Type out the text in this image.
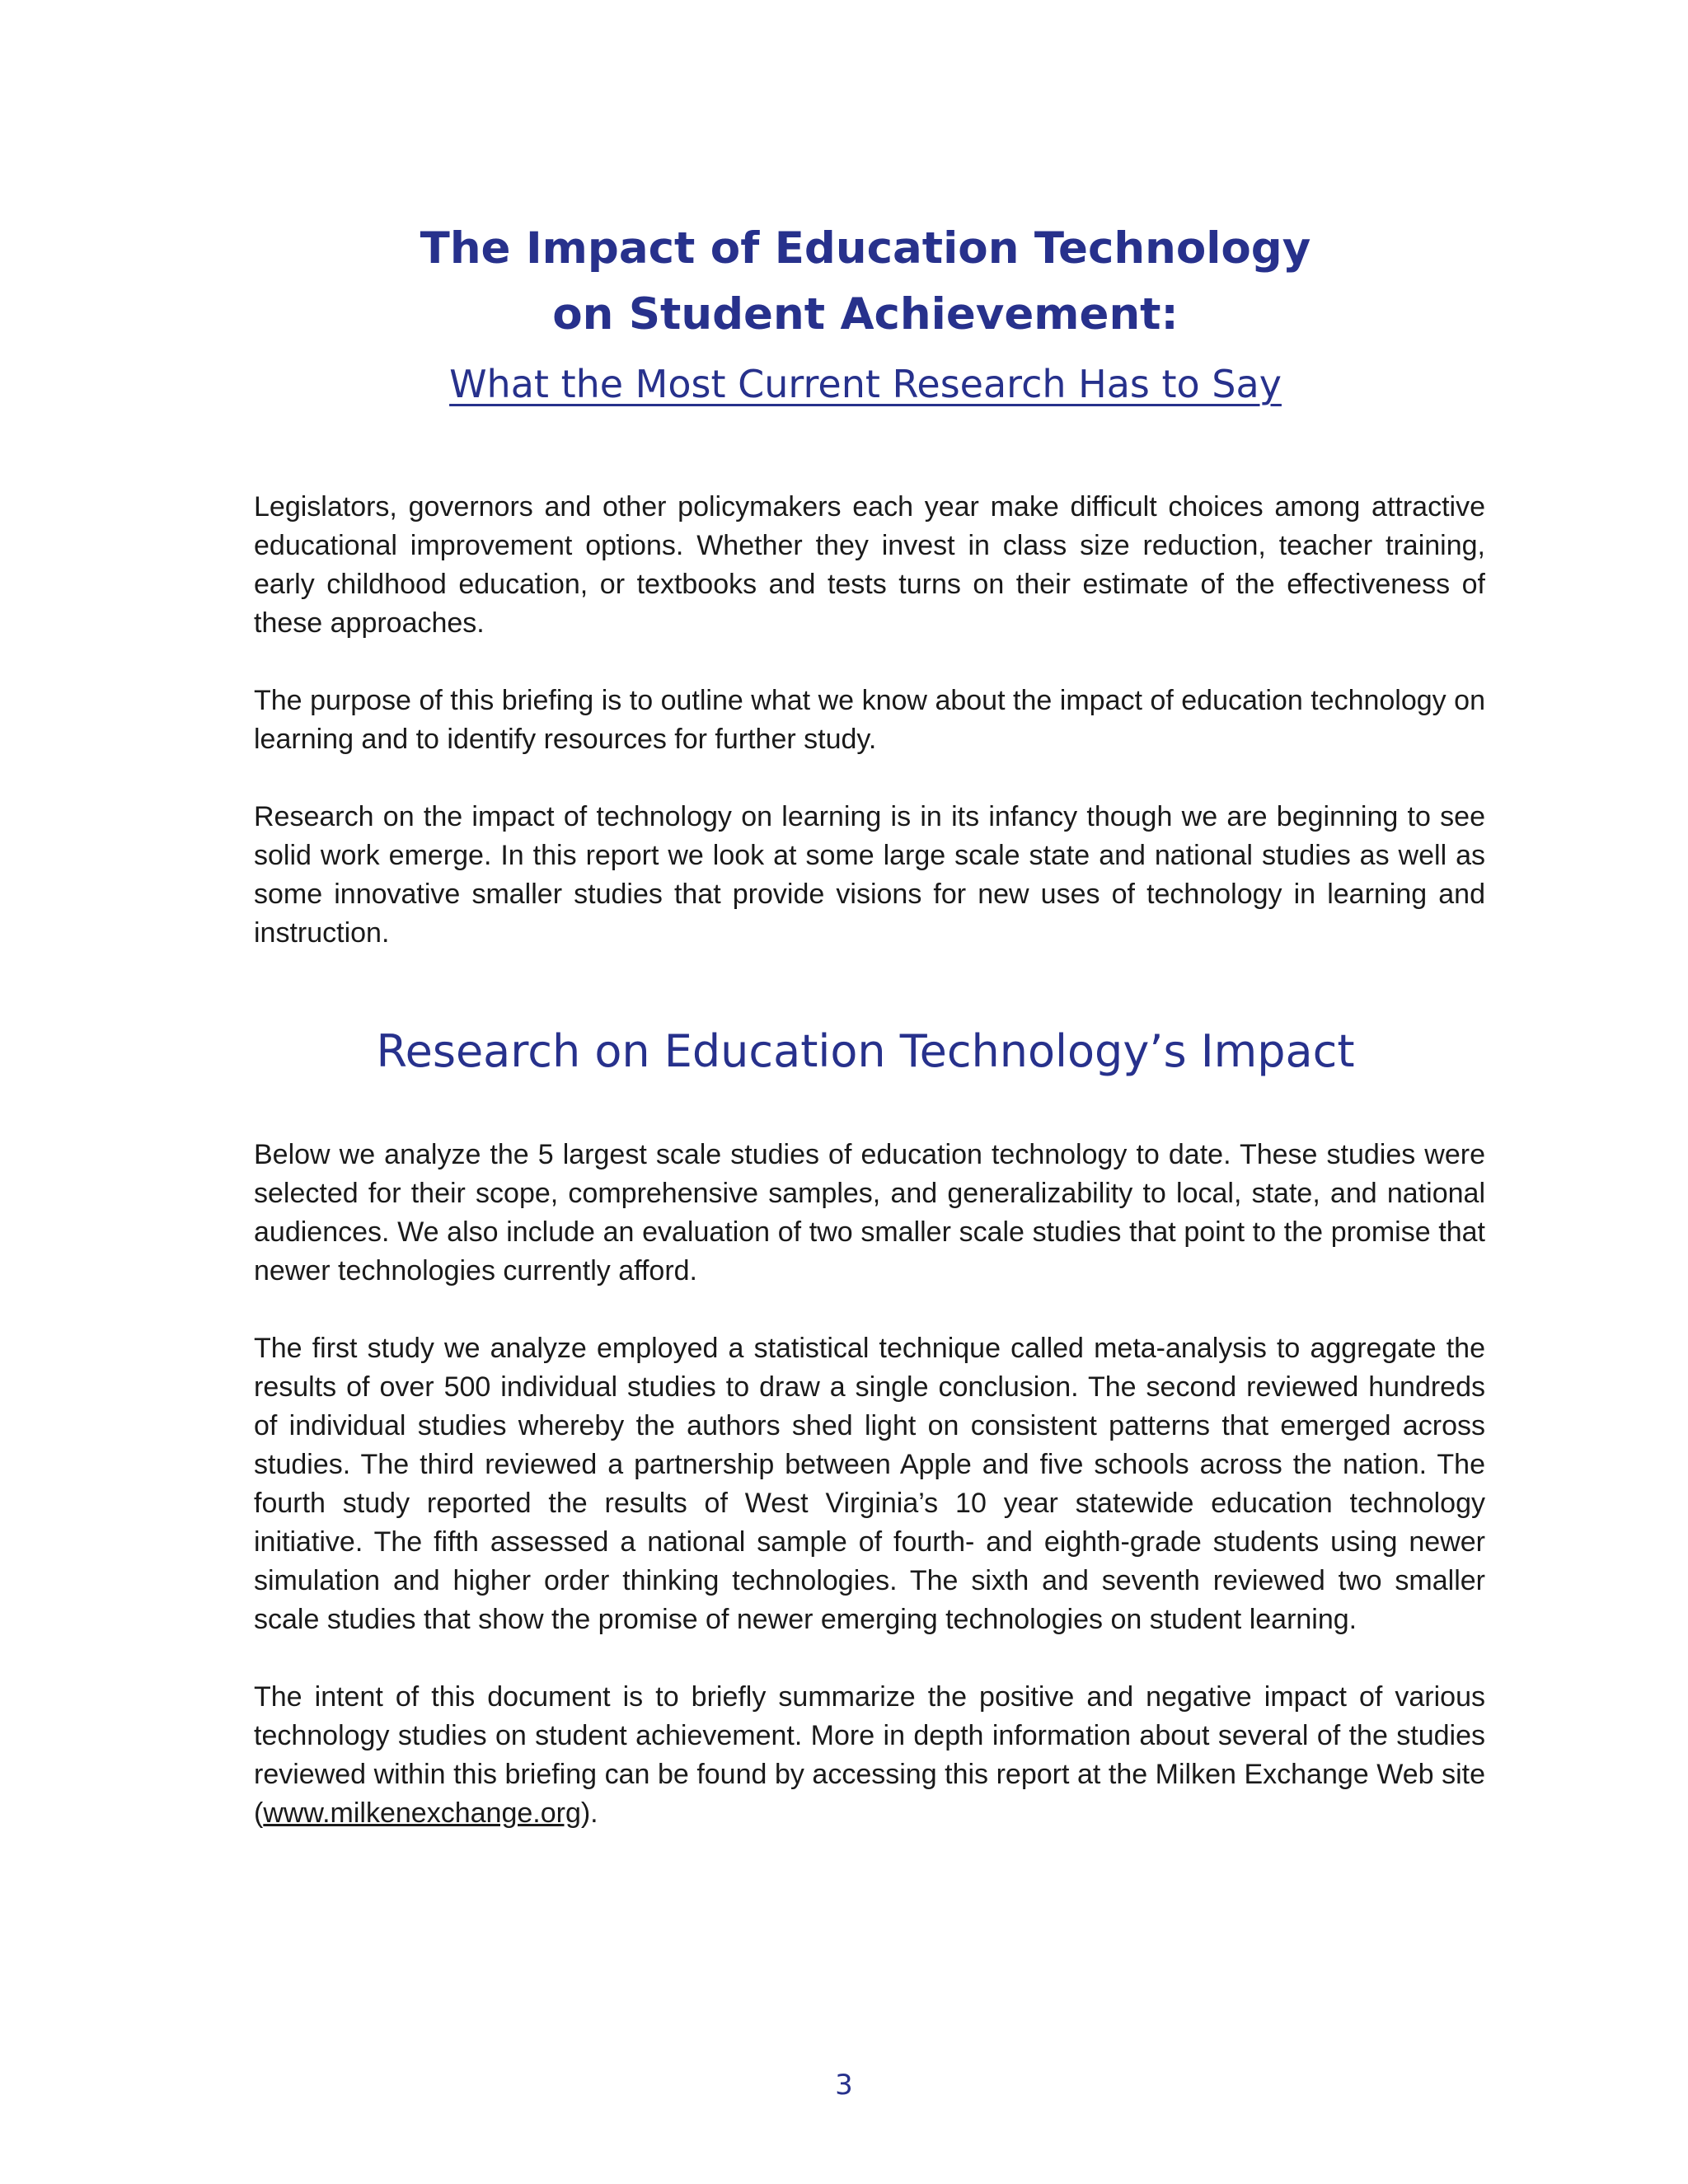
The Impact of Education Technology
on Student Achievement:
What the Most Current Research Has to Say

Legislators, governors and other policymakers each year make difficult choices among attractive educational improvement options. Whether they invest in class size reduction, teacher training, early childhood education, or textbooks and tests turns on their estimate of the effectiveness of these approaches.

The purpose of this briefing is to outline what we know about the impact of education technology on learning and to identify resources for further study.

Research on the impact of technology on learning is in its infancy though we are beginning to see solid work emerge. In this report we look at some large scale state and national studies as well as some innovative smaller studies that provide visions for new uses of technology in learning and instruction.

Research on Education Technology’s Impact

Below we analyze the 5 largest scale studies of education technology to date. These studies were selected for their scope, comprehensive samples, and generalizability to local, state, and national audiences. We also include an evaluation of two smaller scale studies that point to the promise that newer technologies currently afford.

The first study we analyze employed a statistical technique called meta-analysis to aggregate the results of over 500 individual studies to draw a single conclusion. The second reviewed hundreds of individual studies whereby the authors shed light on consistent patterns that emerged across studies. The third reviewed a partnership between Apple and five schools across the nation. The fourth study reported the results of West Virginia’s 10 year statewide education technology initiative. The fifth assessed a national sample of fourth- and eighth-grade students using newer simulation and higher order thinking technologies. The sixth and seventh reviewed two smaller scale studies that show the promise of newer emerging technologies on student learning.

The intent of this document is to briefly summarize the positive and negative impact of various technology studies on student achievement. More in depth information about several of the studies reviewed within this briefing can be found by accessing this report at the Milken Exchange Web site (www.milkenexchange.org).

3
